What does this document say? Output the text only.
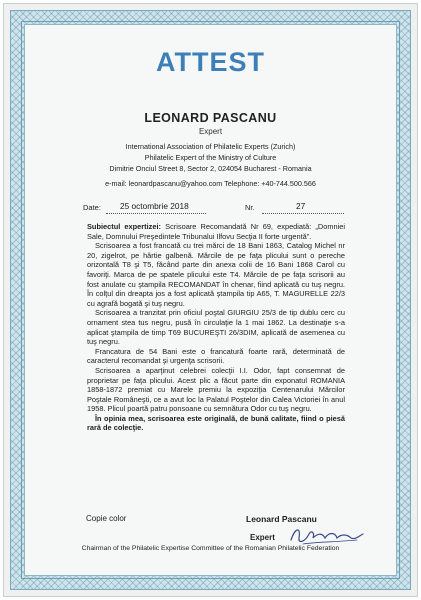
ATTEST
LEONARD PASCANU
Expert
International Association of Philatelic Experts (Zurich)
Philatelic Expert of the Ministry of Culture
Dimitrie Onciul Street 8, Sector 2, 024054 Bucharest - Romania
e-mail: leonardpascanu@yahoo.com Telephone: +40-744.500.566
Date: 25 octombrie 2018	Nr.	27

Subiectul expertizei: Scrisoare Recomandată Nr 69, expediată: „Domniei Sale, Domnului Preşedintele Tribunalui Ilfovu Secţia II forte urgentă”.

Scrisoarea a fost francată cu trei mărci de 18 Bani 1863, Catalog Michel nr 20, zigelrot, pe hârtie galbenă. Mărcile de pe faţa plicului sunt o pereche orizontală T8 şi T5, făcând parte din anexa colii de 16 Bani 1868 Carol cu favoriţi. Marca de pe spatele plicului este T4. Mărcile de pe faţa scrisorii au fost anulate cu ştampila RECOMANDAT în chenar, fiind aplicată cu tuş negru. În colţul din dreapta jos a fost aplicată ştampila tip A65, T. MAGURELLE 22/3 cu agrafă bogată şi tuş negru.

Scrisoarea a tranzitat prin oficiul poştal GIURGIU 25/3 de tip dublu cerc cu ornament stea tus negru, pusă în circulaţie la 1 mai 1862. La destinaţie s-a aplicat ştampila de timp T69 BUCUREŞTI 26/3DIM, aplicată de asemenea cu tuş negru.

Francatura de 54 Bani este o francatură foarte rară, determinată de caracterul recomandat şi urgenţa scrisorii.

Scrisoarea a aparţinut celebrei colecţii I.I. Odor, fapt consemnat de proprietar pe faţa plicului. Acest plic a făcut parte din exponatul ROMANIA 1858-1872 premiat cu Marele premiu la expoziţia Centenarului Mărcilor Poştale Româneşti, ce a avut loc la Palatul Poştelor din Calea Victoriei în anul 1958. Plicul poartă patru ponsoane cu semnătura Odor cu tuş negru.

În opinia mea, scrisoarea este originală, de bună calitate, fiind o piesă rară de colecţie.

Copie color	Leonard Pascanu
Expert
Chairman of the Philatelic Expertise Committee of the Romanian Philatelic Federation
